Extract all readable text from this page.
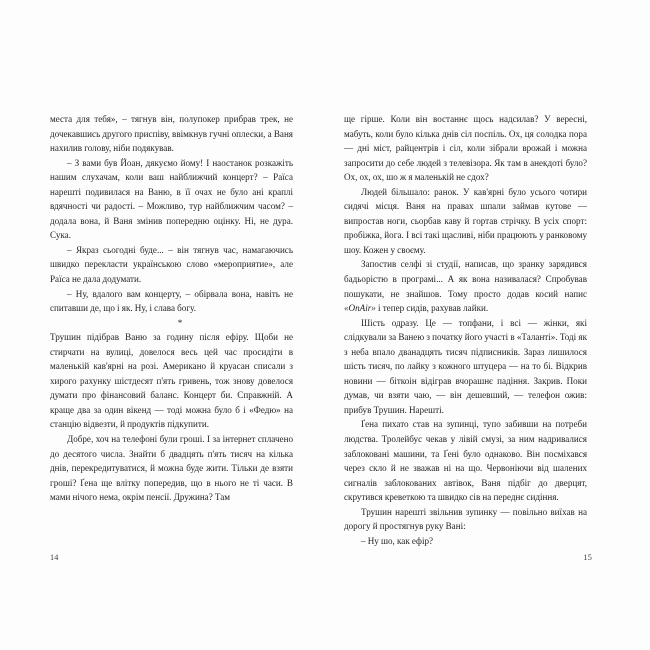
места для тебя», – тягнув він, полупокер прибрав трек, не дочекавшись другого приспіву, ввімкнув гучні оплески, а Ваня нахилив голову, ніби подякував.

– З вами був Йоан, дякуємо йому! І наостанок розкажіть нашим слухачам, коли ваш найближчий концерт? – Раїса нарешті подивилася на Ваню, в її очах не було ані краплі вдячності чи радості. – Можливо, тур найближчим часом? – додала вона, й Ваня змінив попередню оцінку. Ні, не дура. Сука.

– Якраз сьогодні буде... – він тягнув час, намагаючись швидко перекласти українською слово «мероприятие», але Раїса не дала додумати.

– Ну, вдалого вам концерту, – обірвала вона, навіть не спитавши де, що і як. Ну, і слава богу.

*

Трушин підібрав Ваню за годину після ефіру. Щоби не стирчати на вулиці, довелося весь цей час просидіти в маленькій кав'ярні на розі. Американо й круасан списали з хирого рахунку шістдесят п'ять гривень, тож знову довелося думати про фінансовий баланс. Концерт би. Справжній. А краще два за один вікенд — тоді можна було б і «Федю» на станцію відвезти, й продуктів підкупити.

Добре, хоч на телефоні були гроші. І за інтернет сплачено до десятого числа. Знайти б двадцять п'ять тисяч на кілька днів, перекредитуватися, й можна буде жити. Тільки де взяти гроші? Ґена ще влітку попередив, що в нього не ті часи. В мами нічого нема, окрім пенсії. Дружина? Там

14

ще гірше. Коли він востаннє щось надсилав? У вересні, мабуть, коли було кілька днів сіл поспіль. Ох, ця солодка пора — дні міст, райцентрів і сіл, коли зібрали врожай і можна запросити до себе людей з телевізора. Як там в анекдоті було? Ох, ох, ох, шо ж я маленькій не сдох?

Людей більшало: ранок. У кав'ярні було усього чотири сидячі місця. Ваня на правах шпали займав кутове — випростав ноги, сьорбав каву й гортав стрічку. В усіх спорт: пробіжка, йога. І всі такі щасливі, ніби працюють у ранковому шоу. Кожен у своєму.

Запостив селфі зі студії, написав, що зранку зарядився бадьорістю в програмі... А як вона називалася? Спробував пошукати, не знайшов. Тому просто додав косий напис «OnAir» і тепер сидів, рахував лайки.

Шість одразу. Це — топфани, і всі — жінки, які слідкували за Ванею з початку його участі в «Таланті». Тоді як з неба впало дванадцять тисяч підписників. Зараз лишилося шість тисяч, по лайку з кожного штуцера — на то бі. Відкрив новини — біткоін відіграв вчорашнє падіння. Закрив. Поки думав, чи взяти чаю, — він дешевший, — телефон ожив: прибув Трушин. Нарешті.

Ґена пихато став на зупинці, тупо забивши на потреби людства. Тролейбус чекав у лівій смузі, за ним надривалися заблоковані машини, та Ґені було однаково. Він посміхався через скло й не зважав ні на що. Червоніючи від шалених сигналів заблокованих автівок, Ваня підбіг до дверцят, скрутився креветкою та швидко сів на переднє сидіння.

Трушин нарешті звільнив зупинку — повільно виїхав на дорогу й простягнув руку Вані:

– Ну шо, как ефір?

15
